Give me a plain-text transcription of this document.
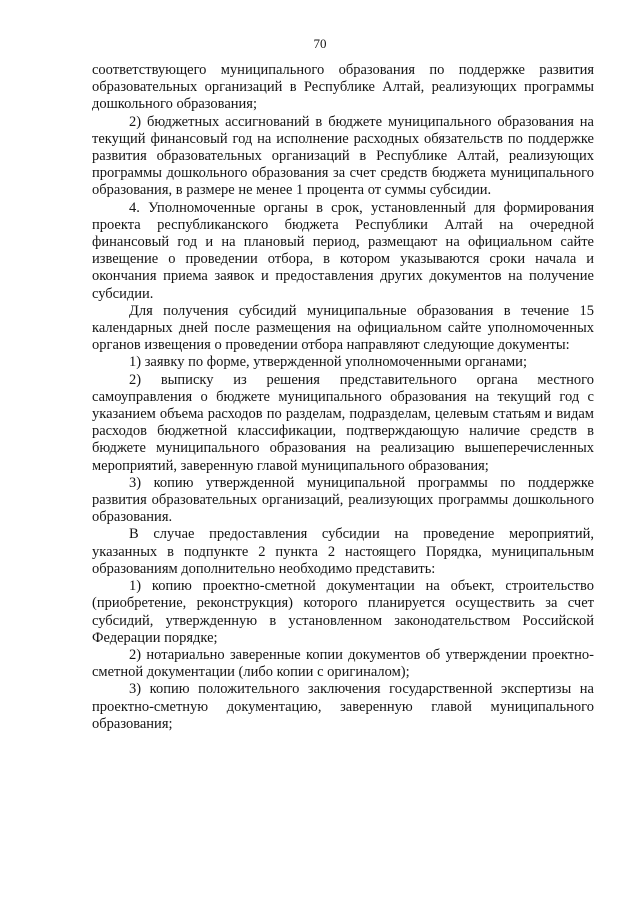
70

соответствующего муниципального образования по поддержке развития образовательных организаций в Республике Алтай, реализующих программы дошкольного образования;

2) бюджетных ассигнований в бюджете муниципального образования на текущий финансовый год на исполнение расходных обязательств по поддержке развития образовательных организаций в Республике Алтай, реализующих программы дошкольного образования за счет средств бюджета муниципального образования, в размере не менее 1 процента от суммы субсидии.

4. Уполномоченные органы в срок, установленный для формирования проекта республиканского бюджета Республики Алтай на очередной финансовый год и на плановый период, размещают на официальном сайте извещение о проведении отбора, в котором указываются сроки начала и окончания приема заявок и предоставления других документов на получение субсидии.

Для получения субсидий муниципальные образования в течение 15 календарных дней после размещения на официальном сайте уполномоченных органов извещения о проведении отбора направляют следующие документы:

1) заявку по форме, утвержденной уполномоченными органами;

2) выписку из решения представительного органа местного самоуправления о бюджете муниципального образования на текущий год с указанием объема расходов по разделам, подразделам, целевым статьям и видам расходов бюджетной классификации, подтверждающую наличие средств в бюджете муниципального образования на реализацию вышеперечисленных мероприятий, заверенную главой муниципального образования;

3) копию утвержденной муниципальной программы по поддержке развития образовательных организаций, реализующих программы дошкольного образования.

В случае предоставления субсидии на проведение мероприятий, указанных в подпункте 2 пункта 2 настоящего Порядка, муниципальным образованиям дополнительно необходимо представить:

1) копию проектно-сметной документации на объект, строительство (приобретение, реконструкция) которого планируется осуществить за счет субсидий, утвержденную в установленном законодательством Российской Федерации порядке;

2) нотариально заверенные копии документов об утверждении проектно-сметной документации (либо копии с оригиналом);

3) копию положительного заключения государственной экспертизы на проектно-сметную документацию, заверенную главой муниципального образования;
